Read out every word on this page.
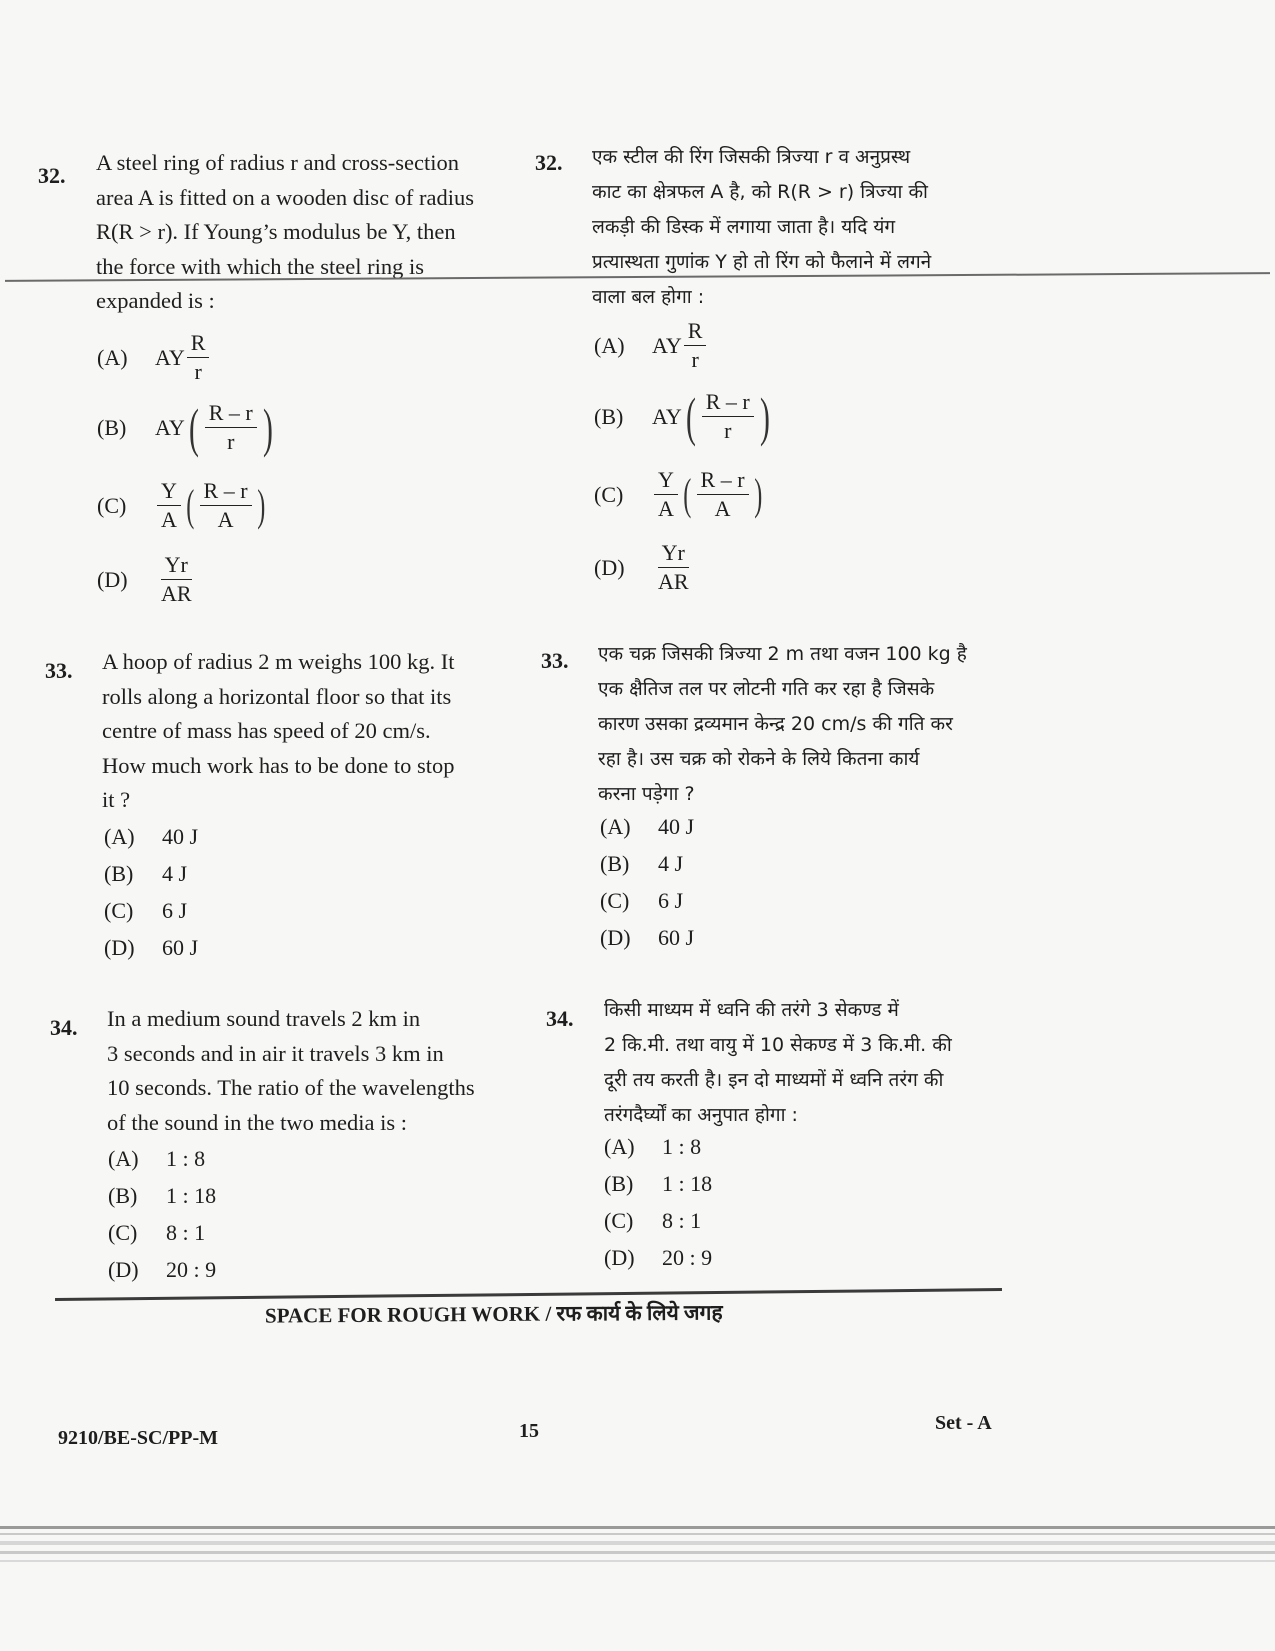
32.
A steel ring of radius r and cross-section
area A is fitted on a wooden disc of radius
R(R > r). If Young’s modulus be Y, then
the force with which the steel ring is
expanded is :
(A)	AY $\frac{R}{r}$
(B)	AY ( $\frac{R - r}{r}$ )
(C)	$\frac{Y}{A}$ ( $\frac{R - r}{A}$ )
(D)	$\frac{Yr}{AR}$
32. एक स्टील की रिंग जिसकी त्रिज्या r व अनुप्रस्थ
काट का क्षेत्रफल A है, को R(R > r) त्रिज्या की
लकड़ी की डिस्क में लगाया जाता है। यदि यंग
प्रत्यास्थता गुणांक Y हो तो रिंग को फैलाने में लगने
वाला बल होगा :
(A)	AY $\frac{R}{r}$
(B)	AY ( $\frac{R - r}{r}$ )
(C)	$\frac{Y}{A}$ ( $\frac{R - r}{A}$ )
(D)	$\frac{Yr}{AR}$
33. A hoop of radius 2 m weighs 100 kg. It
rolls along a horizontal floor so that its
centre of mass has speed of 20 cm/s.
How much work has to be done to stop
it ?
(A)	40 J
(B)	4 J
(C)	6 J
(D)	60 J
33. एक चक्र जिसकी त्रिज्या 2 m तथा वजन 100 kg है
एक क्षैतिज तल पर लोटनी गति कर रहा है जिसके
कारण उसका द्रव्यमान केन्द्र 20 cm/s की गति कर
रहा है। उस चक्र को रोकने के लिये कितना कार्य
करना पड़ेगा ?
(A)	40 J
(B)	4 J
(C)	6 J
(D)	60 J
34. In a medium sound travels 2 km in
3 seconds and in air it travels 3 km in
10 seconds. The ratio of the wavelengths
of the sound in the two media is :
(A)	1 : 8
(B)	1 : 18
(C)	8 : 1
(D)	20 : 9
34. किसी माध्यम में ध्वनि की तरंगे 3 सेकण्ड में
2 कि.मी. तथा वायु में 10 सेकण्ड में 3 कि.मी. की
दूरी तय करती है। इन दो माध्यमों में ध्वनि तरंग की
तरंगदैर्घ्यों का अनुपात होगा :
(A)	1 : 8
(B)	1 : 18
(C)	8 : 1
(D)	20 : 9
SPACE FOR ROUGH WORK / रफ कार्य के लिये जगह
9210/BE-SC/PP-M	15	Set - A
